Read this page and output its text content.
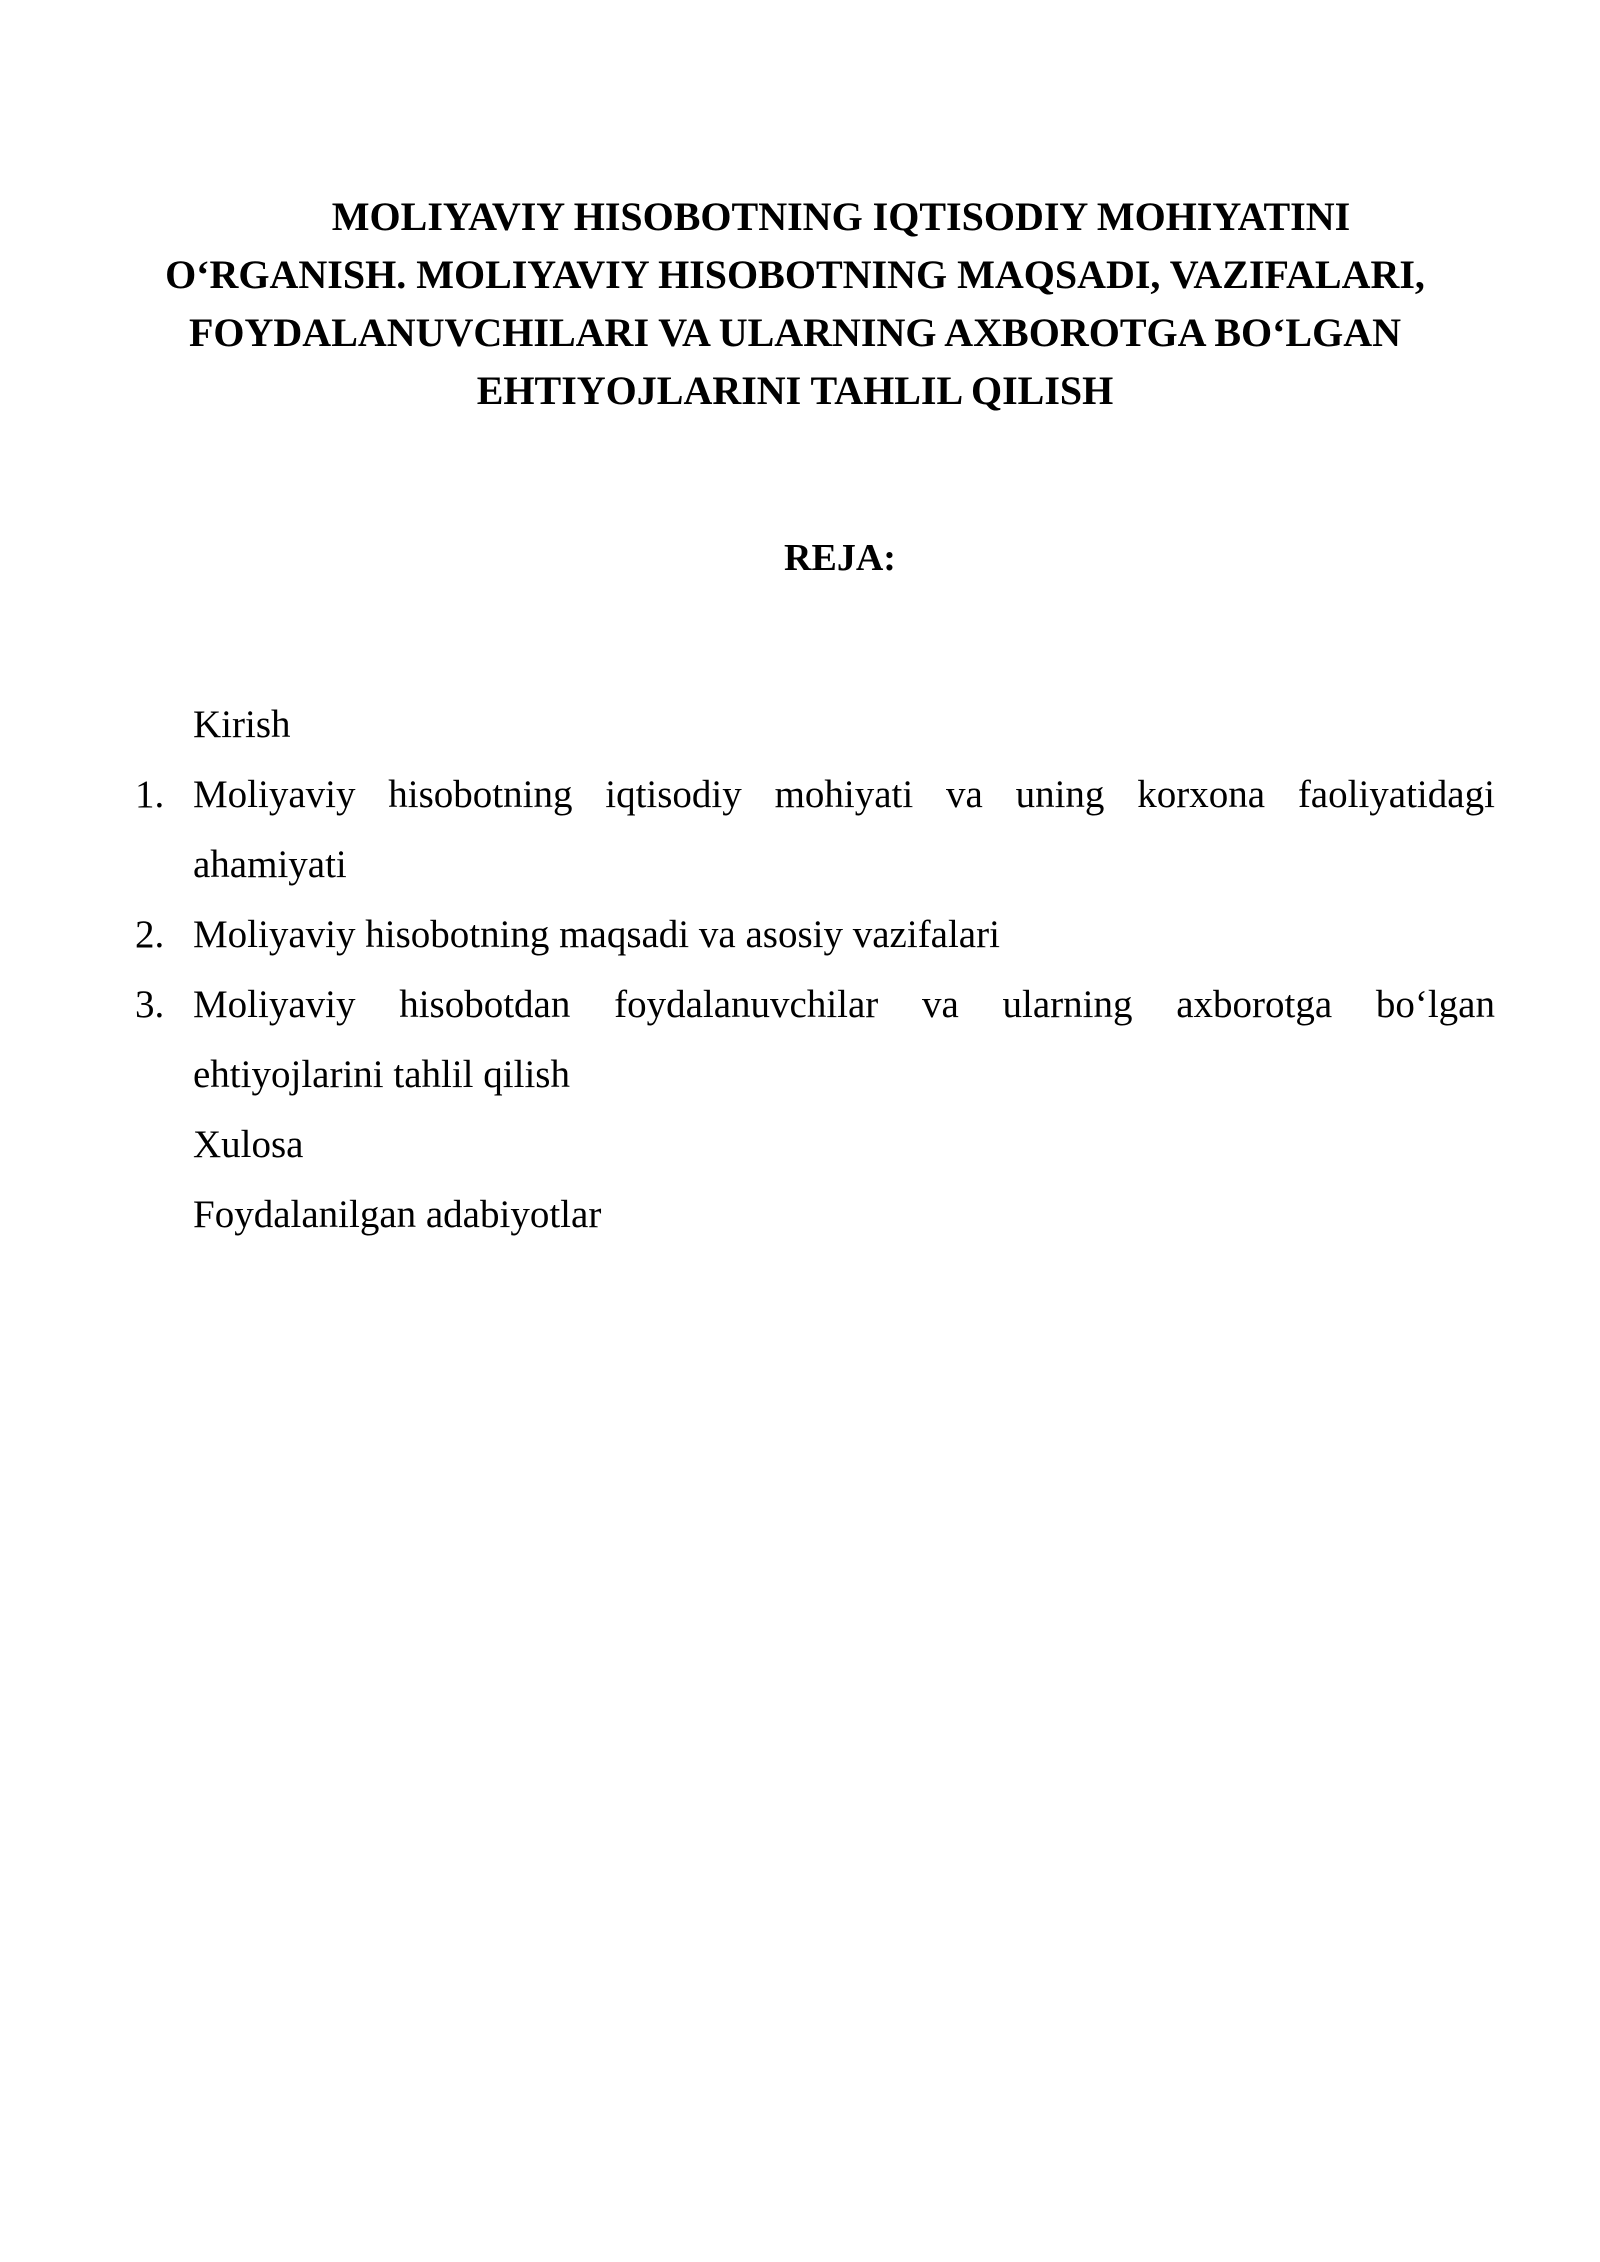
MOLIYAVIY HISOBOTNING IQTISODIY MOHIYATINI
O‘RGANISH. MOLIYAVIY HISOBOTNING MAQSADI, VAZIFALARI,
FOYDALANUVCHILARI VA ULARNING AXBOROTGA BO‘LGAN
EHTIYOJLARINI TAHLIL QILISH
REJA:
Kirish
1. Moliyaviy hisobotning iqtisodiy mohiyati va uning korxona faoliyatidagi
ahamiyati
2. Moliyaviy hisobotning maqsadi va asosiy vazifalari
3. Moliyaviy hisobotdan foydalanuvchilar va ularning axborotga bo‘lgan
ehtiyojlarini tahlil qilish
Xulosa
Foydalanilgan adabiyotlar
